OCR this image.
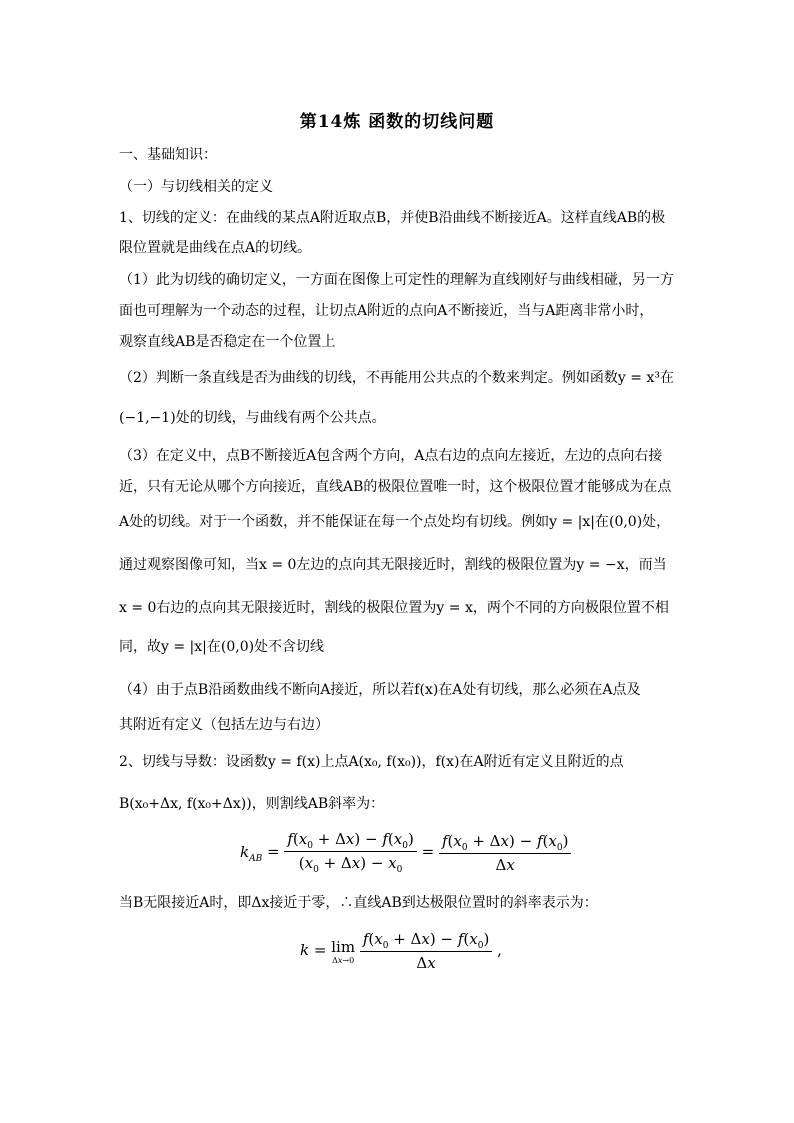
第14炼 函数的切线问题
一、基础知识：
（一）与切线相关的定义
1、切线的定义：在曲线的某点A附近取点B，并使B沿曲线不断接近A。这样直线AB的极
限位置就是曲线在点A的切线。
（1）此为切线的确切定义，一方面在图像上可定性的理解为直线刚好与曲线相碰，另一方
面也可理解为一个动态的过程，让切点A附近的点向A不断接近，当与A距离非常小时，
观察直线AB是否稳定在一个位置上
（2）判断一条直线是否为曲线的切线，不再能用公共点的个数来判定。例如函数y = x³在
(−1,−1)处的切线，与曲线有两个公共点。
（3）在定义中，点B不断接近A包含两个方向，A点右边的点向左接近，左边的点向右接
近，只有无论从哪个方向接近，直线AB的极限位置唯一时，这个极限位置才能够成为在点
A处的切线。对于一个函数，并不能保证在每一个点处均有切线。例如y = |x|在(0,0)处，
通过观察图像可知，当x = 0左边的点向其无限接近时，割线的极限位置为y = −x，而当
x = 0右边的点向其无限接近时，割线的极限位置为y = x，两个不同的方向极限位置不相
同，故y = |x|在(0,0)处不含切线
（4）由于点B沿函数曲线不断向A接近，所以若f(x)在A处有切线，那么必须在A点及
其附近有定义（包括左边与右边）
2、切线与导数：设函数y = f(x)上点A(x₀, f(x₀))，f(x)在A附近有定义且附近的点
B(x₀+Δx, f(x₀+Δx))，则割线AB斜率为：
$k_{AB} = \frac{f(x_0 + \Delta x) - f(x_0)}{(x_0 + \Delta x) - x_0} = \frac{f(x_0 + \Delta x) - f(x_0)}{\Delta x}$
当B无限接近A时，即Δx接近于零，∴直线AB到达极限位置时的斜率表示为：
k = lim
Δx→0
$\frac{f(x_0 + \Delta x) - f(x_0)}{\Delta x}$ ,
